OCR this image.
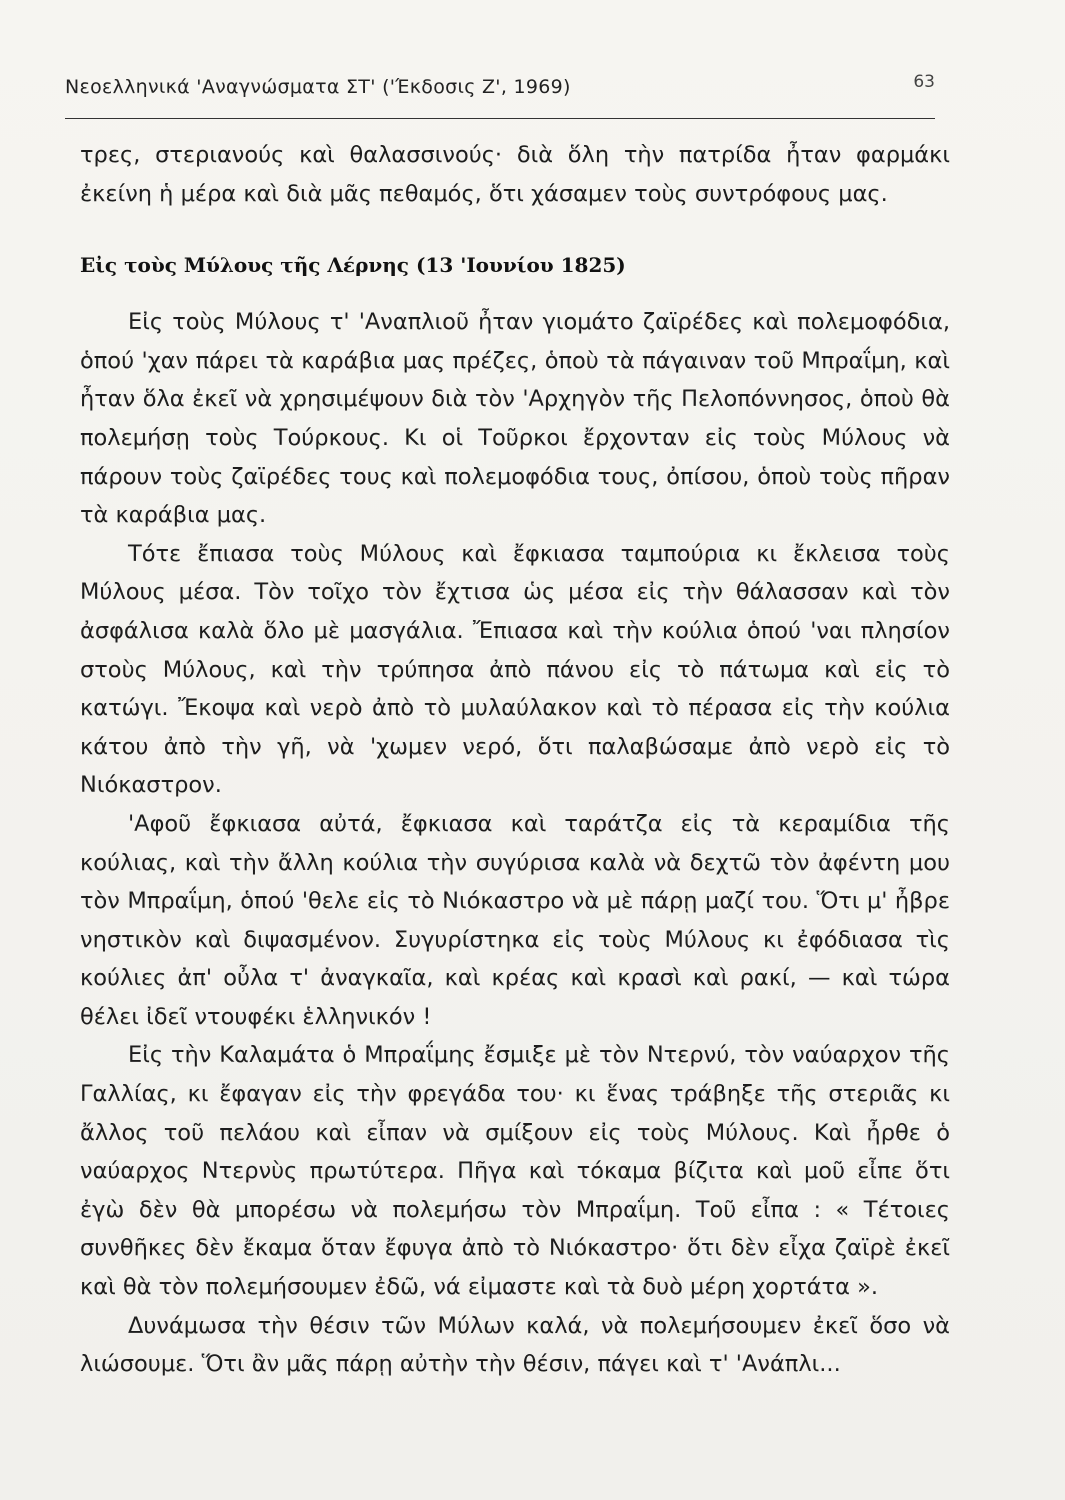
Νεοελληνικά 'Αναγνώσματα ΣΤ' ('Έκδοσις Ζ', 1969)	63

τρες, στεριανούς καὶ θαλασσινούς· διὰ ὅλη τὴν πατρίδα ἦταν φαρμάκι ἐκείνη ἡ μέρα καὶ διὰ μᾶς πεθαμός, ὅτι χάσαμεν τοὺς συντρόφους μας.

Εἰς τοὺς Μύλους τῆς Λέρνης (13 'Ιουνίου 1825)

Εἰς τοὺς Μύλους τ' 'Αναπλιοῦ ἦταν γιομάτο ζαϊρέδες καὶ πολεμοφόδια, ὁπού 'χαν πάρει τὰ καράβια μας πρέζες, ὁποὺ τὰ πάγαιναν τοῦ Μπραΐμη, καὶ ἦταν ὅλα ἐκεῖ νὰ χρησιμέψουν διὰ τὸν 'Αρχηγὸν τῆς Πελοπόννησος, ὁποὺ θὰ πολεμήσῃ τοὺς Τούρκους. Κι οἱ Τοῦρκοι ἔρχονταν εἰς τοὺς Μύλους νὰ πάρουν τοὺς ζαϊρέδες τους καὶ πολεμοφόδια τους, ὀπίσου, ὁποὺ τοὺς πῆραν τὰ καράβια μας.

Τότε ἔπιασα τοὺς Μύλους καὶ ἔφκιασα ταμπούρια κι ἔκλεισα τοὺς Μύλους μέσα. Τὸν τοῖχο τὸν ἔχτισα ὡς μέσα εἰς τὴν θάλασσαν καὶ τὸν ἀσφάλισα καλὰ ὅλο μὲ μασγάλια. Ἔπιασα καὶ τὴν κούλια ὁπού 'ναι πλησίον στοὺς Μύλους, καὶ τὴν τρύπησα ἀπὸ πάνου εἰς τὸ πάτωμα καὶ εἰς τὸ κατώγι. Ἔκοψα καὶ νερὸ ἀπὸ τὸ μυλαύλακον καὶ τὸ πέρασα εἰς τὴν κούλια κάτου ἀπὸ τὴν γῆ, νὰ 'χωμεν νερό, ὅτι παλαβώσαμε ἀπὸ νερὸ εἰς τὸ Νιόκαστρον.

'Αφοῦ ἔφκιασα αὐτά, ἔφκιασα καὶ ταράτζα εἰς τὰ κεραμίδια τῆς κούλιας, καὶ τὴν ἄλλη κούλια τὴν συγύρισα καλὰ νὰ δεχτῶ τὸν ἀφέντη μου τὸν Μπραΐμη, ὁπού 'θελε εἰς τὸ Νιόκαστρο νὰ μὲ πάρῃ μαζί του. Ὅτι μ' ἦβρε νηστικὸν καὶ διψασμένον. Συγυρίστηκα εἰς τοὺς Μύλους κι ἐφόδιασα τὶς κούλιες ἀπ' οὖλα τ' ἀναγκαῖα, καὶ κρέας καὶ κρασὶ καὶ ρακί, — καὶ τώρα θέλει ἰδεῖ ντουφέκι ἑλληνικόν !

Εἰς τὴν Καλαμάτα ὁ Μπραΐμης ἔσμιξε μὲ τὸν Ντερνύ, τὸν ναύαρχον τῆς Γαλλίας, κι ἔφαγαν εἰς τὴν φρεγάδα του· κι ἕνας τράβηξε τῆς στεριᾶς κι ἄλλος τοῦ πελάου καὶ εἶπαν νὰ σμίξουν εἰς τοὺς Μύλους. Καὶ ἦρθε ὁ ναύαρχος Ντερνὺς πρωτύτερα. Πῆγα καὶ τόκαμα βίζιτα καὶ μοῦ εἶπε ὅτι ἐγὼ δὲν θὰ μπορέσω νὰ πολεμήσω τὸν Μπραΐμη. Τοῦ εἶπα : « Τέτοιες συνθῆκες δὲν ἔκαμα ὅταν ἔφυγα ἀπὸ τὸ Νιόκαστρο· ὅτι δὲν εἶχα ζαϊρὲ ἐκεῖ καὶ θὰ τὸν πολεμήσουμεν ἐδῶ, νά εἰμαστε καὶ τὰ δυὸ μέρη χορτάτα ».

Δυνάμωσα τὴν θέσιν τῶν Μύλων καλά, νὰ πολεμήσουμεν ἐκεῖ ὅσο νὰ λιώσουμε. Ὅτι ἂν μᾶς πάρῃ αὐτὴν τὴν θέσιν, πάγει καὶ τ' 'Ανάπλι...
